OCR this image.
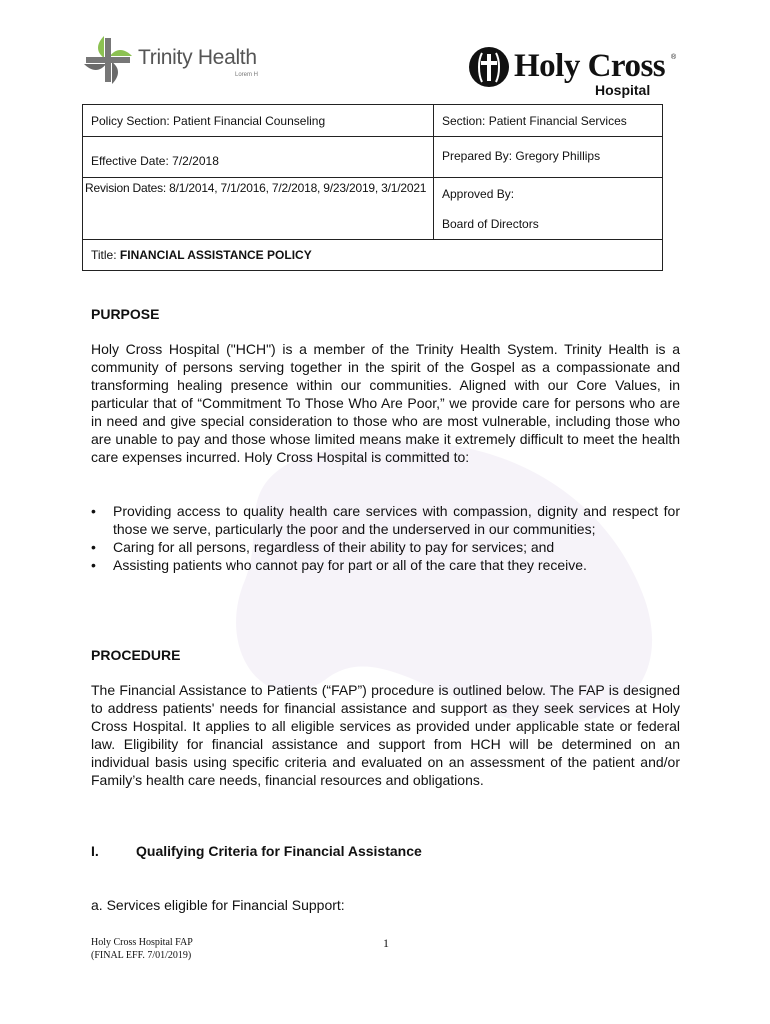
Trinity Health
Lorem H	Holy Cross ®
Hospital
Policy Section: Patient Financial Counseling	Section: Patient Financial Services
Effective Date: 7/2/2018	Prepared By: Gregory Phillips
Revision Dates: 8/1/2014, 7/1/2016, 7/2/2018, 9/23/2019, 3/1/2021	Approved By:
Board of Directors

Title: FINANCIAL ASSISTANCE POLICY	
PURPOSE
Holy Cross Hospital ("HCH") is a member of the Trinity Health System. Trinity Health is a community of persons serving together in the spirit of the Gospel as a compassionate and transforming healing presence within our communities. Aligned with our Core Values, in particular that of “Commitment To Those Who Are Poor,” we provide care for persons who are in need and give special consideration to those who are most vulnerable, including those who are unable to pay and those whose limited means make it extremely difficult to meet the health care expenses incurred. Holy Cross Hospital is committed to:
• Providing access to quality health care services with compassion, dignity and respect for those we serve, particularly the poor and the underserved in our communities;
• Caring for all persons, regardless of their ability to pay for services; and
• Assisting patients who cannot pay for part or all of the care that they receive.
PROCEDURE
The Financial Assistance to Patients (“FAP”) procedure is outlined below. The FAP is designed to address patients' needs for financial assistance and support as they seek services at Holy Cross Hospital. It applies to all eligible services as provided under applicable state or federal law. Eligibility for financial assistance and support from HCH will be determined on an individual basis using specific criteria and evaluated on an assessment of the patient and/or Family’s health care needs, financial resources and obligations.
I.	Qualifying Criteria for Financial Assistance
a. Services eligible for Financial Support:
Holy Cross Hospital FAP
(FINAL EFF. 7/01/2019)
1
